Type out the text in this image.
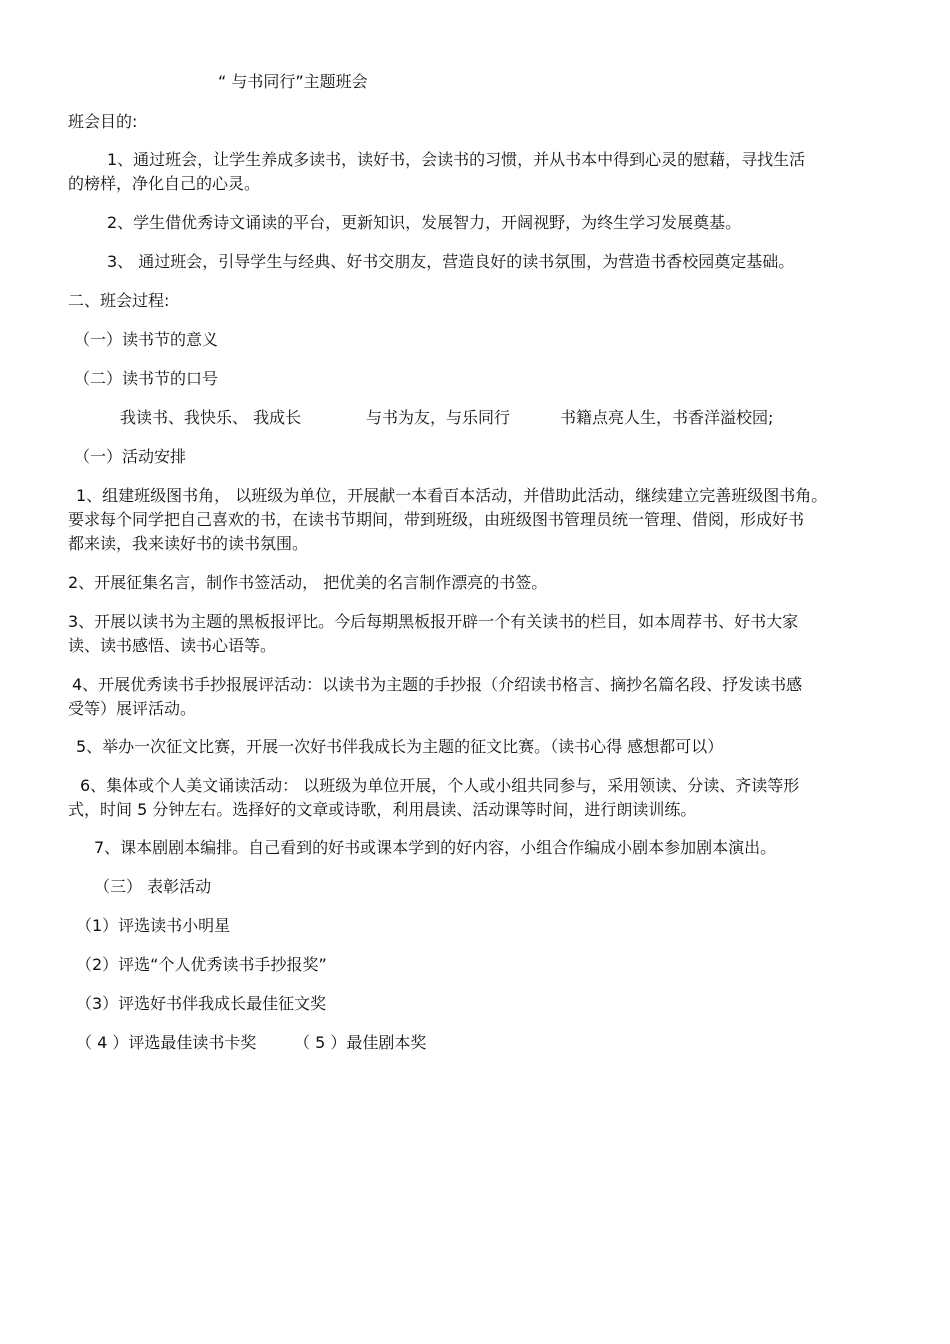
“ 与书同行”主题班会
班会目的:
1、通过班会，让学生养成多读书，读好书，会读书的习惯，并从书本中得到心灵的慰藉，寻找生活
的榜样，净化自己的心灵。
2、学生借优秀诗文诵读的平台，更新知识，发展智力，开阔视野，为终生学习发展奠基。
3、 通过班会，引导学生与经典、好书交朋友，营造良好的读书氛围，为营造书香校园奠定基础。
二、班会过程:
（一）读书节的意义
（二）读书节的口号
我读书、我快乐、 我成长	与书为友，与乐同行	书籍点亮人生，书香洋溢校园;
（一）活动安排
1、组建班级图书角， 以班级为单位，开展献一本看百本活动，并借助此活动，继续建立完善班级图书角。
要求每个同学把自己喜欢的书，在读书节期间，带到班级，由班级图书管理员统一管理、借阅，形成好书
都来读，我来读好书的读书氛围。
2、开展征集名言，制作书签活动， 把优美的名言制作漂亮的书签。
3、开展以读书为主题的黑板报评比。今后每期黑板报开辟一个有关读书的栏目，如本周荐书、好书大家
读、读书感悟、读书心语等。
4、开展优秀读书手抄报展评活动：以读书为主题的手抄报（介绍读书格言、摘抄名篇名段、抒发读书感
受等）展评活动。
5、举办一次征文比赛，开展一次好书伴我成长为主题的征文比赛。（读书心得 感想都可以）
6、集体或个人美文诵读活动： 以班级为单位开展，个人或小组共同参与，采用领读、分读、齐读等形
式，时间 5 分钟左右。选择好的文章或诗歌，利用晨读、活动课等时间，进行朗读训练。
7、课本剧剧本编排。自己看到的好书或课本学到的好内容，小组合作编成小剧本参加剧本演出。
（三） 表彰活动
（1）评选读书小明星
（2）评选“个人优秀读书手抄报奖”
（3）评选好书伴我成长最佳征文奖
（ 4 ）评选最佳读书卡奖 （ 5 ）最佳剧本奖
